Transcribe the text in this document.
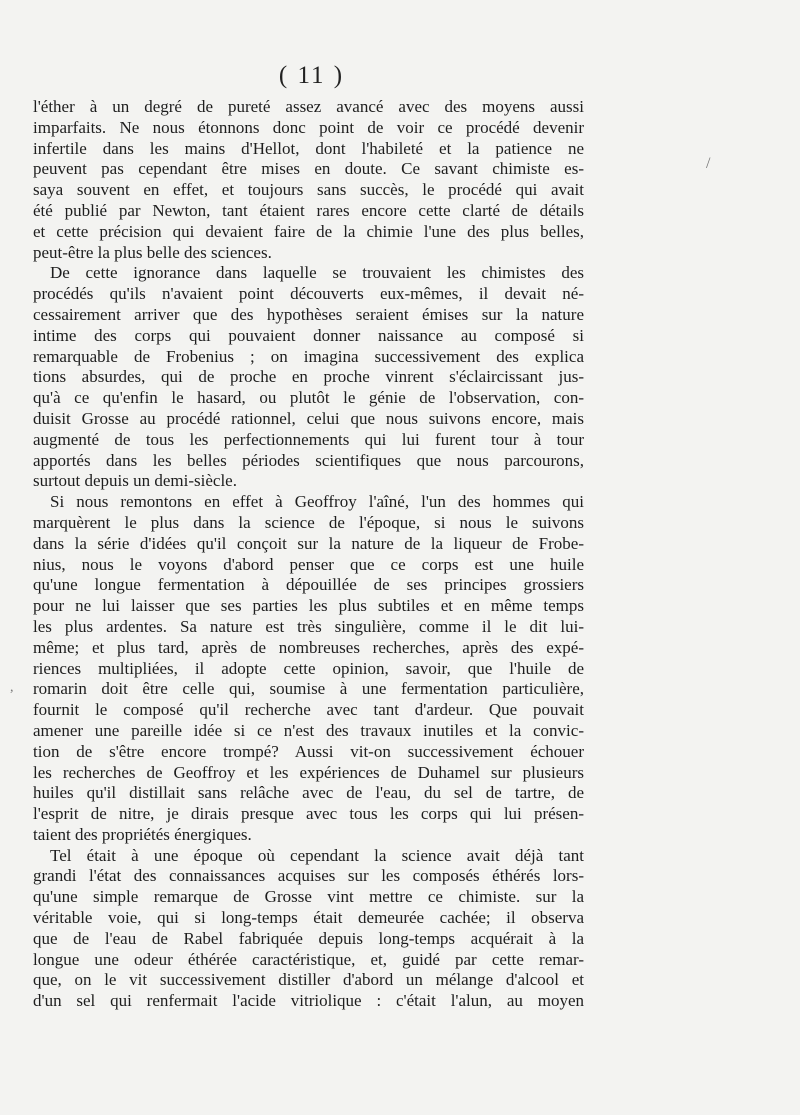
( 11 )
l'éther à un degré de pureté assez avancé avec des moyens aussi
imparfaits. Ne nous étonnons donc point de voir ce procédé devenir
infertile dans les mains d'Hellot, dont l'habileté et la patience ne
peuvent pas cependant être mises en doute. Ce savant chimiste es-
saya souvent en effet, et toujours sans succès, le procédé qui avait
été publié par Newton, tant étaient rares encore cette clarté de détails
et cette précision qui devaient faire de la chimie l'une des plus belles,
peut-être la plus belle des sciences.
De cette ignorance dans laquelle se trouvaient les chimistes des
procédés qu'ils n'avaient point découverts eux-mêmes, il devait né-
cessairement arriver que des hypothèses seraient émises sur la nature
intime des corps qui pouvaient donner naissance au composé si
remarquable de Frobenius ; on imagina successivement des explica
tions absurdes, qui de proche en proche vinrent s'éclaircissant jus-
qu'à ce qu'enfin le hasard, ou plutôt le génie de l'observation, con-
duisit Grosse au procédé rationnel, celui que nous suivons encore, mais
augmenté de tous les perfectionnements qui lui furent tour à tour
apportés dans les belles périodes scientifiques que nous parcourons,
surtout depuis un demi-siècle.
Si nous remontons en effet à Geoffroy l'aîné, l'un des hommes qui
marquèrent le plus dans la science de l'époque, si nous le suivons
dans la série d'idées qu'il conçoit sur la nature de la liqueur de Frobe-
nius, nous le voyons d'abord penser que ce corps est une huile
qu'une longue fermentation à dépouillée de ses principes grossiers
pour ne lui laisser que ses parties les plus subtiles et en même temps
les plus ardentes. Sa nature est très singulière, comme il le dit lui-
même; et plus tard, après de nombreuses recherches, après des expé-
riences multipliées, il adopte cette opinion, savoir, que l'huile de
romarin doit être celle qui, soumise à une fermentation particulière,
fournit le composé qu'il recherche avec tant d'ardeur. Que pouvait
amener une pareille idée si ce n'est des travaux inutiles et la convic-
tion de s'être encore trompé? Aussi vit-on successivement échouer
les recherches de Geoffroy et les expériences de Duhamel sur plusieurs
huiles qu'il distillait sans relâche avec de l'eau, du sel de tartre, de
l'esprit de nitre, je dirais presque avec tous les corps qui lui présen-
taient des propriétés énergiques.
Tel était à une époque où cependant la science avait déjà tant
grandi l'état des connaissances acquises sur les composés éthérés lors-
qu'une simple remarque de Grosse vint mettre ce chimiste. sur la
véritable voie, qui si long-temps était demeurée cachée; il observa
que de l'eau de Rabel fabriquée depuis long-temps acquérait à la
longue une odeur éthérée caractéristique, et, guidé par cette remar-
que, on le vit successivement distiller d'abord un mélange d'alcool et
d'un sel qui renfermait l'acide vitriolique : c'était l'alun, au moyen
/
,
